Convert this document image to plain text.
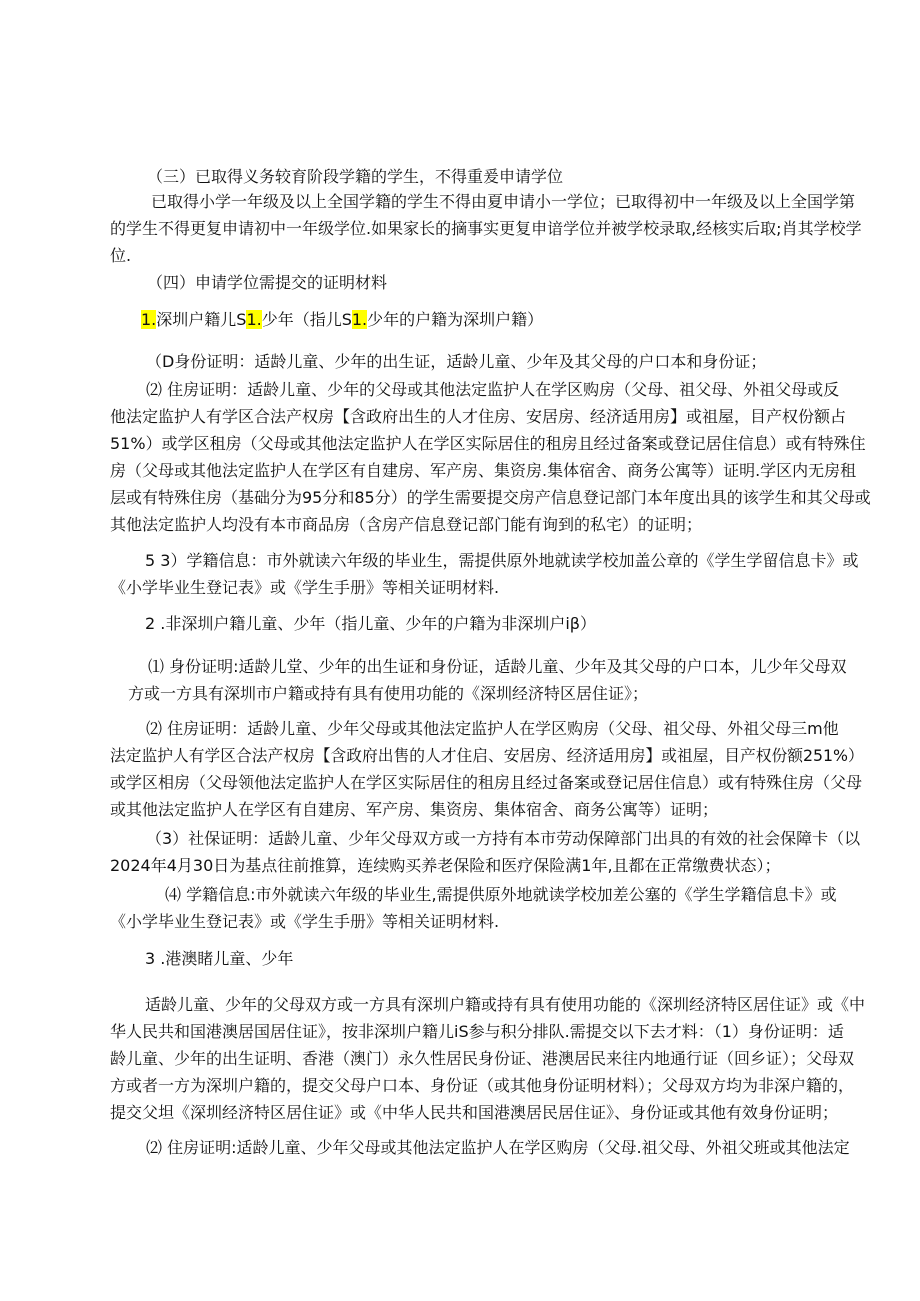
（三）已取得义务较育阶段学籍的学生，不得重爰申请学位
已取得小学一年级及以上全国学籍的学生不得由夏申请小一学位；已取得初中一年级及以上全国学第
的学生不得更复申请初中一年级学位.如果家长的摘事实更复申谙学位并被学校录取,经核实后取;肖其学校学
位.
（四）申请学位需提交的证明材料
1.深圳户籍儿S1.少年（指儿S1.少年的户籍为深圳户籍）
（D身份证明：适龄儿童、少年的出生证，适龄儿童、少年及其父母的户口本和身份证；
⑵ 住房证明：适龄儿童、少年的父母或其他法定监护人在学区购房（父母、祖父母、外祖父母或反
他法定监护人有学区合法产权房【含政府出生的人才住房、安居房、经济适用房】或祖屋，目产权份额占
51%）或学区租房（父母或其他法定监护人在学区实际居住的租房且经过备案或登记居住信息）或有特殊住
房（父母或其他法定监护人在学区有自建房、军产房、集资房.集体宿舍、商务公寓等）证明.学区内无房租
层或有特殊住房（基础分为95分和85分）的学生需要提交房产信息登记部门本年度出具的该学生和其父母或
其他法定监护人均没有本市商品房（含房产信息登记部门能有询到的私宅）的证明；
5 3）学籍信息：市外就读六年级的毕业生，需提供原外地就读学校加盖公章的《学生学留信息卡》或
《小学毕业生登记表》或《学生手册》等相关证明材料.
2 .非深圳户籍儿童、少年（指儿童、少年的户籍为非深圳户iβ）
⑴ 身份证明:适龄儿堂、少年的出生证和身份证，适龄儿童、少年及其父母的户口本，儿少年父母双
方或一方具有深圳市户籍或持有具有使用功能的《深圳经济特区居住证》；
⑵ 住房证明：适龄儿童、少年父母或其他法定监护人在学区购房（父母、祖父母、外祖父母三m他
法定监护人有学区合法产权房【含政府出售的人才住启、安居房、经济适用房】或祖屋，目产权份额251%）
或学区相房（父母领他法定监护人在学区实际居住的租房且经过备案或登记居住信息）或有特殊住房（父母
或其他法定监护人在学区有自建房、军产房、集资房、集体宿舍、商务公寓等）证明；
（3）社保证明：适龄儿童、少年父母双方或一方持有本市劳动保障部门出具的有效的社会保障卡（以
2024年4月30日为基点往前推算，连续购买养老保险和医疗保险满1年,且都在正常缴费状态）；
⑷ 学籍信息:市外就读六年级的毕业生,需提供原外地就读学校加差公塞的《学生学籍信息卡》或
《小学毕业生登记表》或《学生手册》等相关证明材料.
3 .港澳睹儿童、少年
适龄儿童、少年的父母双方或一方具有深圳户籍或持有具有使用功能的《深圳经济特区居住证》或《中
华人民共和国港澳居国居住证》，按非深圳户籍儿iS参与积分排队.需提交以下去才料：（1）身份证明：适
龄儿童、少年的出生证明、香港（澳门）永久性居民身份证、港澳居民来往内地通行证（回乡证）；父母双
方或者一方为深圳户籍的，提交父母户口本、身份证（或其他身份证明材料）；父母双方均为非深户籍的，
提交父坦《深圳经济特区居住证》或《中华人民共和国港澳居民居住证》、身份证或其他有效身份证明；
⑵ 住房证明:适龄儿童、少年父母或其他法定监护人在学区购房（父母.祖父母、外祖父班或其他法定
